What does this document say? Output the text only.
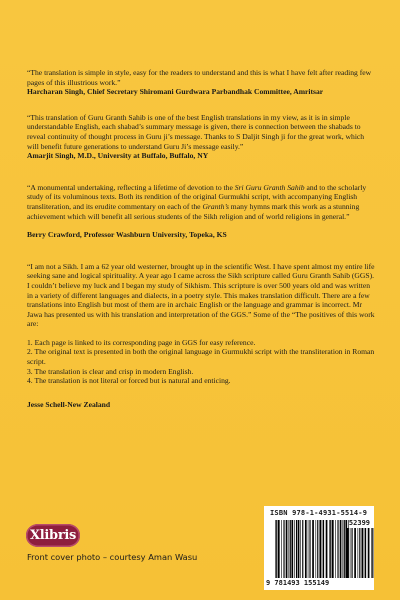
“The translation is simple in style, easy for the readers to understand and this is what I have felt after reading few pages of this illustrious work.”

Harcharan Singh, Chief Secretary Shiromani Gurdwara Parbandhak Committee, Amritsar

“This translation of Guru Granth Sahib is one of the best English translations in my view, as it is in simple understandable English, each shabad’s summary message is given, there is connection between the shabads to reveal continuity of thought process in Guru ji’s message. Thanks to S Daljit Singh ji for the great work, which will benefit future generations to understand Guru Ji’s message easily.”

Amarjit Singh, M.D., University at Buffalo, Buffalo, NY

“A monumental undertaking, reflecting a lifetime of devotion to the Sri Guru Granth Sahib and to the scholarly study of its voluminous texts. Both its rendition of the original Gurmukhi script, with accompanying English transliteration, and its erudite commentary on each of the Granth’s many hymns mark this work as a stunning achievement which will benefit all serious students of the Sikh religion and of world religions in general.”

Berry Crawford, Professor Washburn University, Topeka, KS

“I am not a Sikh. I am a 62 year old westerner, brought up in the scientific West. I have spent almost my entire life seeking sane and logical spirituality. A year ago I came across the Sikh scripture called Guru Granth Sahib (GGS). I couldn’t believe my luck and I began my study of Sikhism. This scripture is over 500 years old and was written in a variety of different languages and dialects, in a poetry style. This makes translation difficult. There are a few translations into English but most of them are in archaic English or the language and grammar is incorrect. Mr Jawa has presented us with his translation and interpretation of the GGS.” Some of the “The positives of this work are:

1. Each page is linked to its corresponding page in GGS for easy reference.
2. The original text is presented in both the original language in Gurmukhi script with the transliteration in Roman script.
3. The translation is clear and crisp in modern English.
4. The translation is not literal or forced but is natural and enticing.

Jesse Schell-New Zealand

Xlibris
Front cover photo – courtesy Aman Wasu
ISBN 978-1-4931-5514-9
52399
9 781493 155149
